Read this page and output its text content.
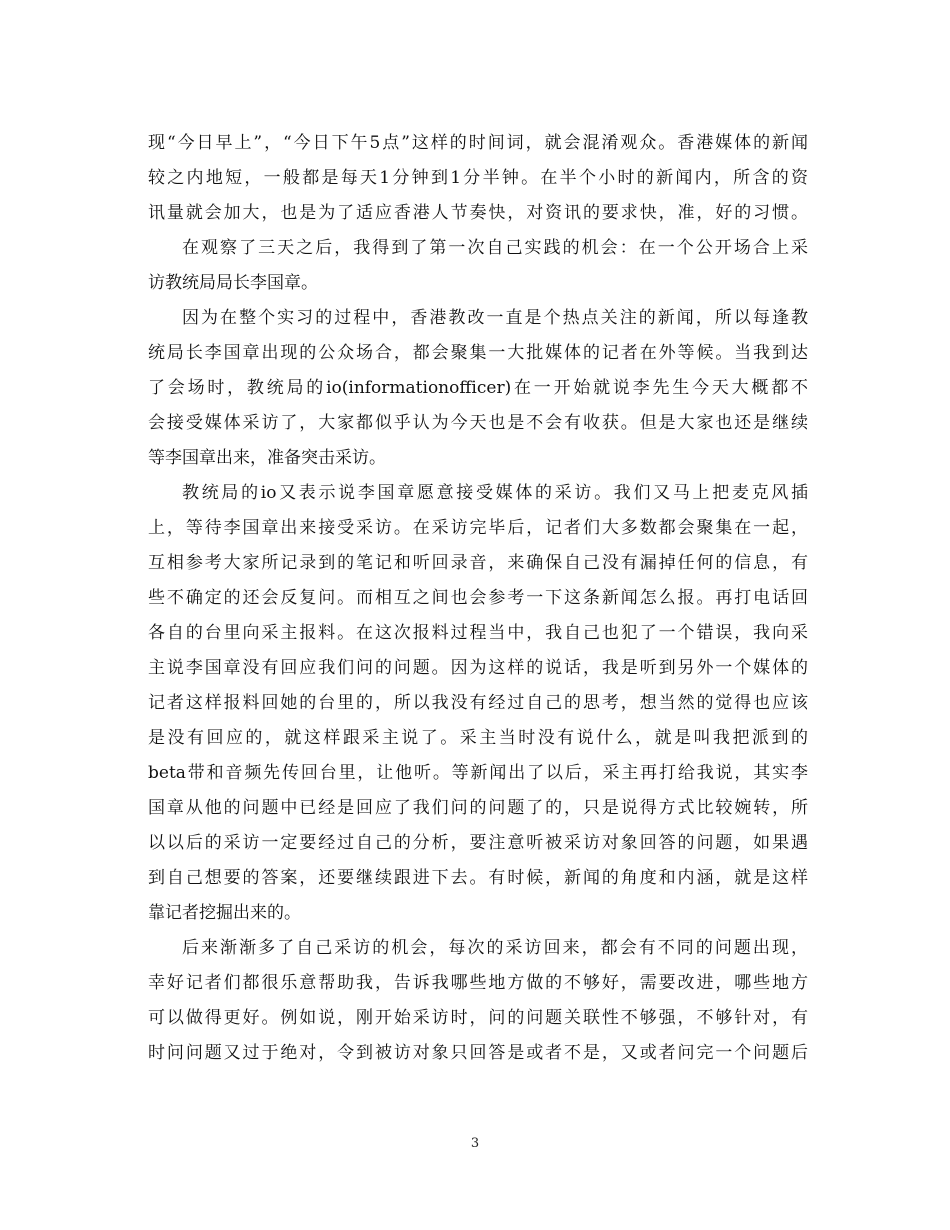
现“今日早上”，“今日下午5点”这样的时间词，就会混淆观众。香港媒体的新闻
较之内地短，一般都是每天1分钟到1分半钟。在半个小时的新闻内，所含的资
讯量就会加大，也是为了适应香港人节奏快，对资讯的要求快，准，好的习惯。
在观察了三天之后，我得到了第一次自己实践的机会：在一个公开场合上采
访教统局局长李国章。
因为在整个实习的过程中，香港教改一直是个热点关注的新闻，所以每逢教
统局长李国章出现的公众场合，都会聚集一大批媒体的记者在外等候。当我到达
了会场时，教统局的io(informationofficer)在一开始就说李先生今天大概都不
会接受媒体采访了，大家都似乎认为今天也是不会有收获。但是大家也还是继续
等李国章出来，准备突击采访。
教统局的io又表示说李国章愿意接受媒体的采访。我们又马上把麦克风插
上，等待李国章出来接受采访。在采访完毕后，记者们大多数都会聚集在一起，
互相参考大家所记录到的笔记和听回录音，来确保自己没有漏掉任何的信息，有
些不确定的还会反复问。而相互之间也会参考一下这条新闻怎么报。再打电话回
各自的台里向采主报料。在这次报料过程当中，我自己也犯了一个错误，我向采
主说李国章没有回应我们问的问题。因为这样的说话，我是听到另外一个媒体的
记者这样报料回她的台里的，所以我没有经过自己的思考，想当然的觉得也应该
是没有回应的，就这样跟采主说了。采主当时没有说什么，就是叫我把派到的
beta带和音频先传回台里，让他听。等新闻出了以后，采主再打给我说，其实李
国章从他的问题中已经是回应了我们问的问题了的，只是说得方式比较婉转，所
以以后的采访一定要经过自己的分析，要注意听被采访对象回答的问题，如果遇
到自己想要的答案，还要继续跟进下去。有时候，新闻的角度和内涵，就是这样
靠记者挖掘出来的。
后来渐渐多了自己采访的机会，每次的采访回来，都会有不同的问题出现，
幸好记者们都很乐意帮助我，告诉我哪些地方做的不够好，需要改进，哪些地方
可以做得更好。例如说，刚开始采访时，问的问题关联性不够强，不够针对，有
时问问题又过于绝对，令到被访对象只回答是或者不是，又或者问完一个问题后
3
